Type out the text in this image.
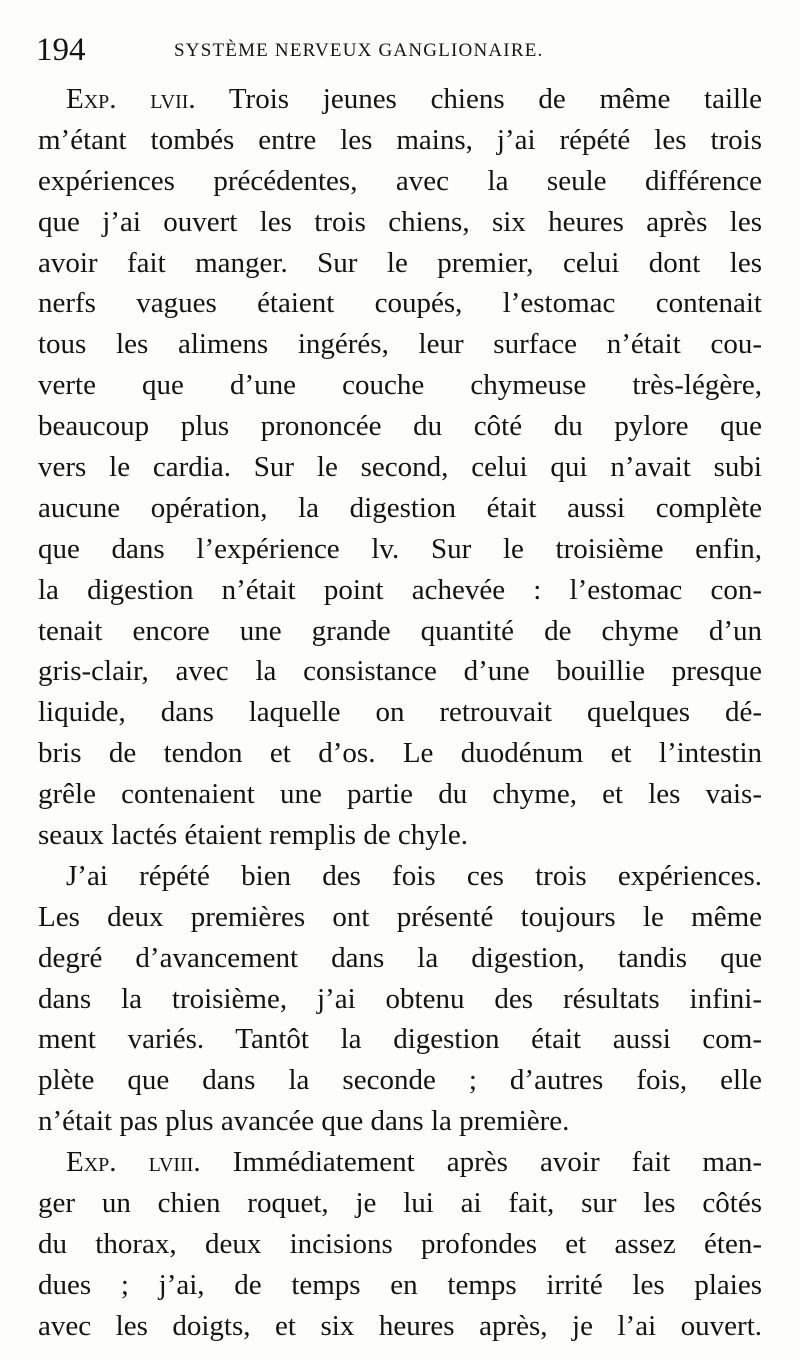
194	SYSTÈME NERVEUX GANGLIONAIRE.
Exp. lvii. Trois jeunes chiens de même taille
m’étant tombés entre les mains, j’ai répété les trois
expériences précédentes, avec la seule différence
que j’ai ouvert les trois chiens, six heures après les
avoir fait manger. Sur le premier, celui dont les
nerfs vagues étaient coupés, l’estomac contenait
tous les alimens ingérés, leur surface n’était cou-
verte que d’une couche chymeuse très-légère,
beaucoup plus prononcée du côté du pylore que
vers le cardia. Sur le second, celui qui n’avait subi
aucune opération, la digestion était aussi complète
que dans l’expérience lv. Sur le troisième enfin,
la digestion n’était point achevée : l’estomac con-
tenait encore une grande quantité de chyme d’un
gris-clair, avec la consistance d’une bouillie presque
liquide, dans laquelle on retrouvait quelques dé-
bris de tendon et d’os. Le duodénum et l’intestin
grêle contenaient une partie du chyme, et les vais-
seaux lactés étaient remplis de chyle.
J’ai répété bien des fois ces trois expériences.
Les deux premières ont présenté toujours le même
degré d’avancement dans la digestion, tandis que
dans la troisième, j’ai obtenu des résultats infini-
ment variés. Tantôt la digestion était aussi com-
plète que dans la seconde ; d’autres fois, elle
n’était pas plus avancée que dans la première.
Exp. lviii. Immédiatement après avoir fait man-
ger un chien roquet, je lui ai fait, sur les côtés
du thorax, deux incisions profondes et assez éten-
dues ; j’ai, de temps en temps irrité les plaies
avec les doigts, et six heures après, je l’ai ouvert.
